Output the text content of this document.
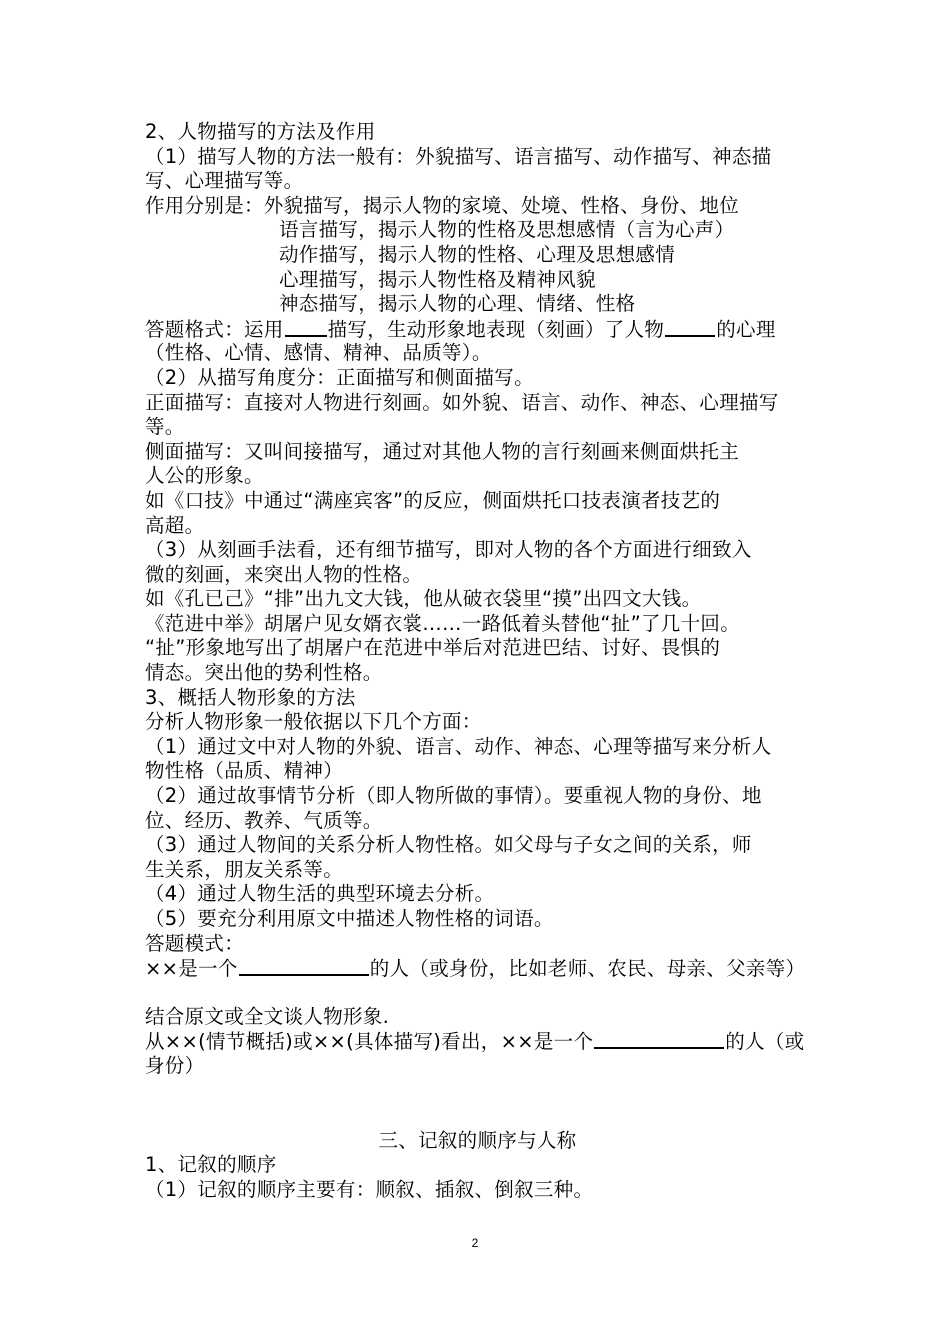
2、人物描写的方法及作用
（1）描写人物的方法一般有：外貌描写、语言描写、动作描写、神态描
写、心理描写等。
作用分别是：外貌描写，揭示人物的家境、处境、性格、身份、地位
语言描写，揭示人物的性格及思想感情（言为心声）
动作描写，揭示人物的性格、心理及思想感情
心理描写，揭示人物性格及精神风貌
神态描写，揭示人物的心理、情绪、性格
答题格式：运用 描写，生动形象地表现（刻画）了人物	的心理
（性格、心情、感情、精神、品质等）。
（2）从描写角度分：正面描写和侧面描写。
正面描写：直接对人物进行刻画。如外貌、语言、动作、神态、心理描写
等。
侧面描写：又叫间接描写，通过对其他人物的言行刻画来侧面烘托主
人公的形象。
如《口技》中通过“满座宾客”的反应，侧面烘托口技表演者技艺的
高超。
（3）从刻画手法看，还有细节描写，即对人物的各个方面进行细致入
微的刻画，来突出人物的性格。
如《孔已己》“排”出九文大钱，他从破衣袋里“摸”出四文大钱。
《范进中举》胡屠户见女婿衣裳……一路低着头替他“扯”了几十回。
“扯”形象地写出了胡屠户在范进中举后对范进巴结、讨好、畏惧的
情态。突出他的势利性格。
3、概括人物形象的方法
分析人物形象一般依据以下几个方面：
（1）通过文中对人物的外貌、语言、动作、神态、心理等描写来分析人
物性格（品质、精神）
（2）通过故事情节分析（即人物所做的事情）。要重视人物的身份、地
位、经历、教养、气质等。
（3）通过人物间的关系分析人物性格。如父母与子女之间的关系，师
生关系，朋友关系等。
（4）通过人物生活的典型环境去分析。
（5）要充分利用原文中描述人物性格的词语。
答题模式：
××是一个	的人（或身份，比如老师、农民、母亲、父亲等）
结合原文或全文谈人物形象.
从××(情节概括)或××(具体描写)看出，××是一个	的人（或
身份）
三、记叙的顺序与人称
1、记叙的顺序
（1）记叙的顺序主要有：顺叙、插叙、倒叙三种。
2
